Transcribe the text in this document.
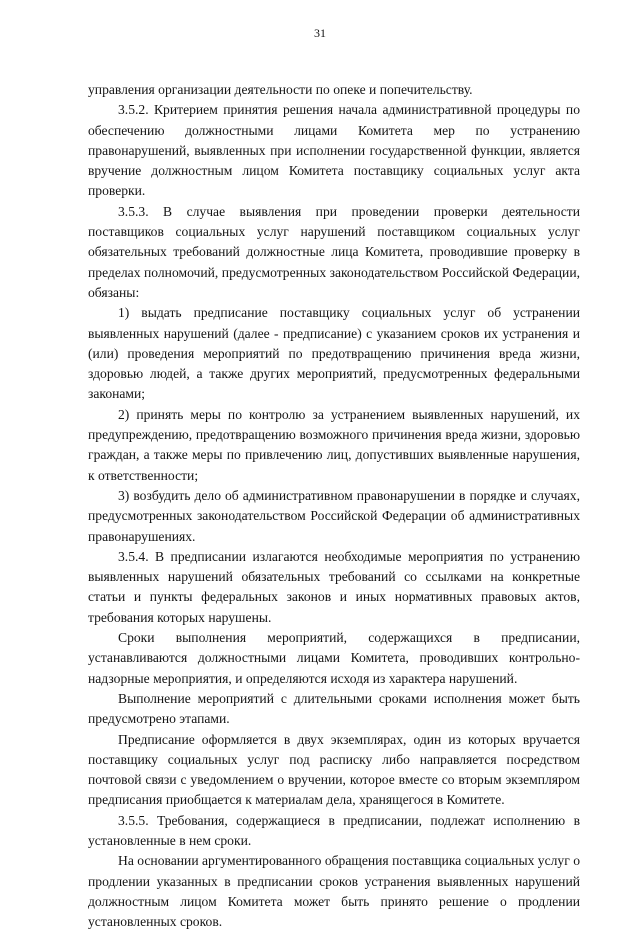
31

управления организации деятельности по опеке и попечительству.

3.5.2. Критерием принятия решения начала административной процедуры по обеспечению должностными лицами Комитета мер по устранению правонарушений, выявленных при исполнении государственной функции, является вручение должностным лицом Комитета поставщику социальных услуг акта проверки.

3.5.3. В случае выявления при проведении проверки деятельности поставщиков социальных услуг нарушений поставщиком социальных услуг обязательных требований должностные лица Комитета, проводившие проверку в пределах полномочий, предусмотренных законодательством Российской Федерации, обязаны:

1) выдать предписание поставщику социальных услуг об устранении выявленных нарушений (далее - предписание) с указанием сроков их устранения и (или) проведения мероприятий по предотвращению причинения вреда жизни, здоровью людей, а также других мероприятий, предусмотренных федеральными законами;

2) принять меры по контролю за устранением выявленных нарушений, их предупреждению, предотвращению возможного причинения вреда жизни, здоровью граждан, а также меры по привлечению лиц, допустивших выявленные нарушения, к ответственности;

3) возбудить дело об административном правонарушении в порядке и случаях, предусмотренных законодательством Российской Федерации об административных правонарушениях.

3.5.4. В предписании излагаются необходимые мероприятия по устранению выявленных нарушений обязательных требований со ссылками на конкретные статьи и пункты федеральных законов и иных нормативных правовых актов, требования которых нарушены.

Сроки выполнения мероприятий, содержащихся в предписании, устанавливаются должностными лицами Комитета, проводивших контрольно-надзорные мероприятия, и определяются исходя из характера нарушений.

Выполнение мероприятий с длительными сроками исполнения может быть предусмотрено этапами.

Предписание оформляется в двух экземплярах, один из которых вручается поставщику социальных услуг под расписку либо направляется посредством почтовой связи с уведомлением о вручении, которое вместе со вторым экземпляром предписания приобщается к материалам дела, хранящегося в Комитете.

3.5.5. Требования, содержащиеся в предписании, подлежат исполнению в установленные в нем сроки.

На основании аргументированного обращения поставщика социальных услуг о продлении указанных в предписании сроков устранения выявленных нарушений должностным лицом Комитета может быть принято решение о продлении установленных сроков.
